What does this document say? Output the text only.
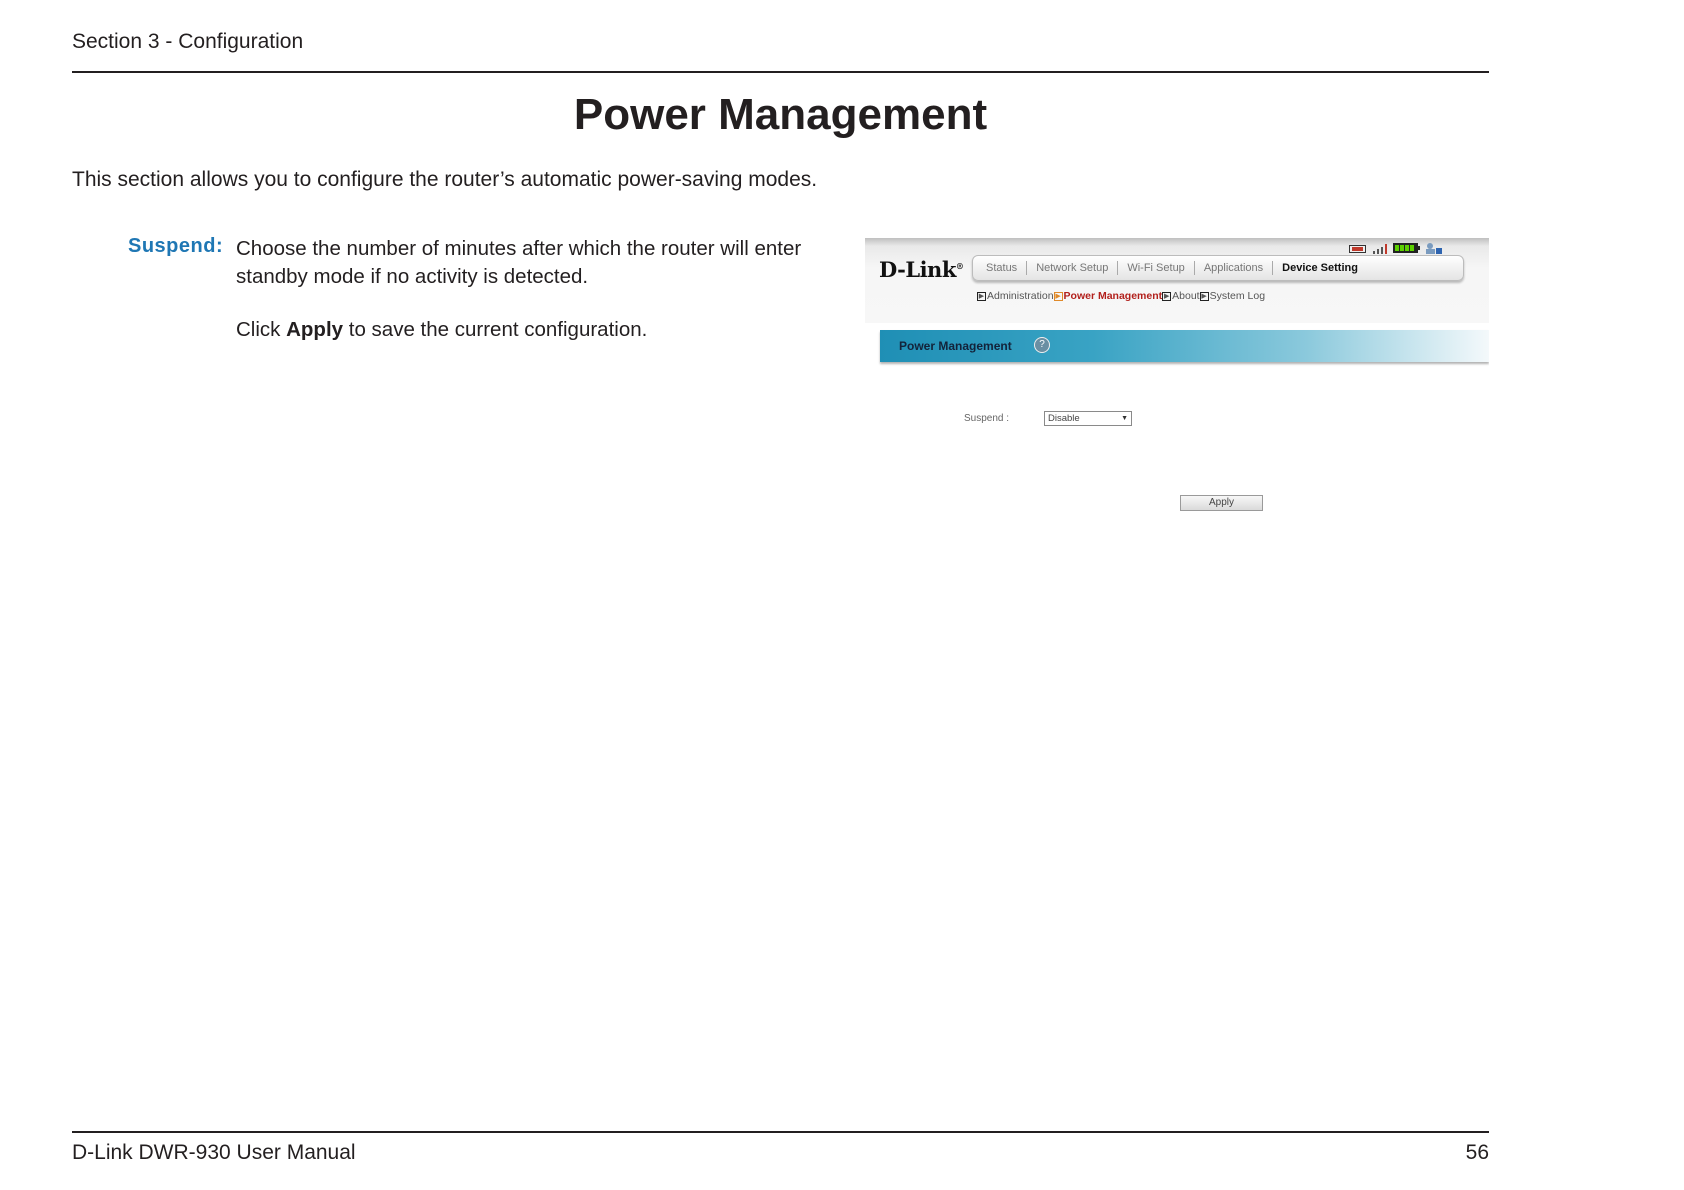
Section 3 - Configuration
Power Management
This section allows you to configure the router’s automatic power-saving modes.
Suspend: Choose the number of minutes after which the router will enter standby mode if no activity is detected.
Click Apply to save the current configuration.
D-Link®	Status	Network Setup	Wi-Fi Setup	Applications	Device Setting
▶ Administration ▶ Power Management ▶ About ▶ System Log
Power Management	?
Suspend :	Disable	▼
Apply
D-Link DWR-930 User Manual	56
